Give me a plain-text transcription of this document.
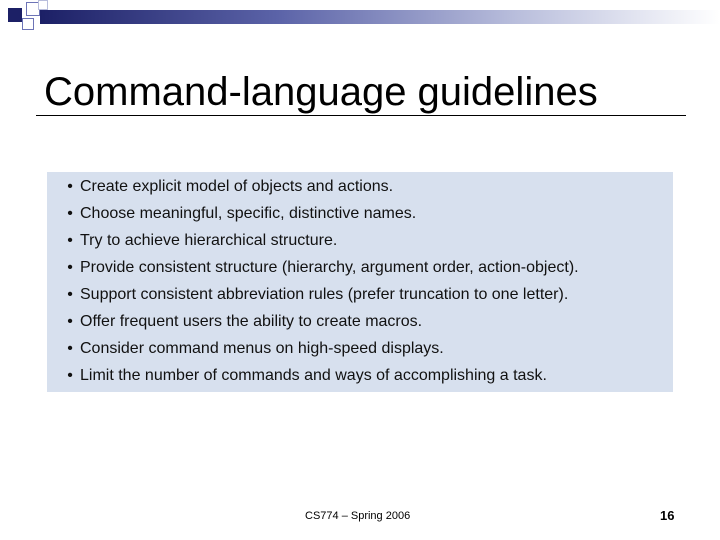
Command-language guidelines
• Create explicit model of objects and actions.
• Choose meaningful, specific, distinctive names.
• Try to achieve hierarchical structure.
• Provide consistent structure (hierarchy, argument order, action-object).
• Support consistent abbreviation rules (prefer truncation to one letter).
• Offer frequent users the ability to create macros.
• Consider command menus on high-speed displays.
• Limit the number of commands and ways of accomplishing a task.
CS774 – Spring 2006	16
